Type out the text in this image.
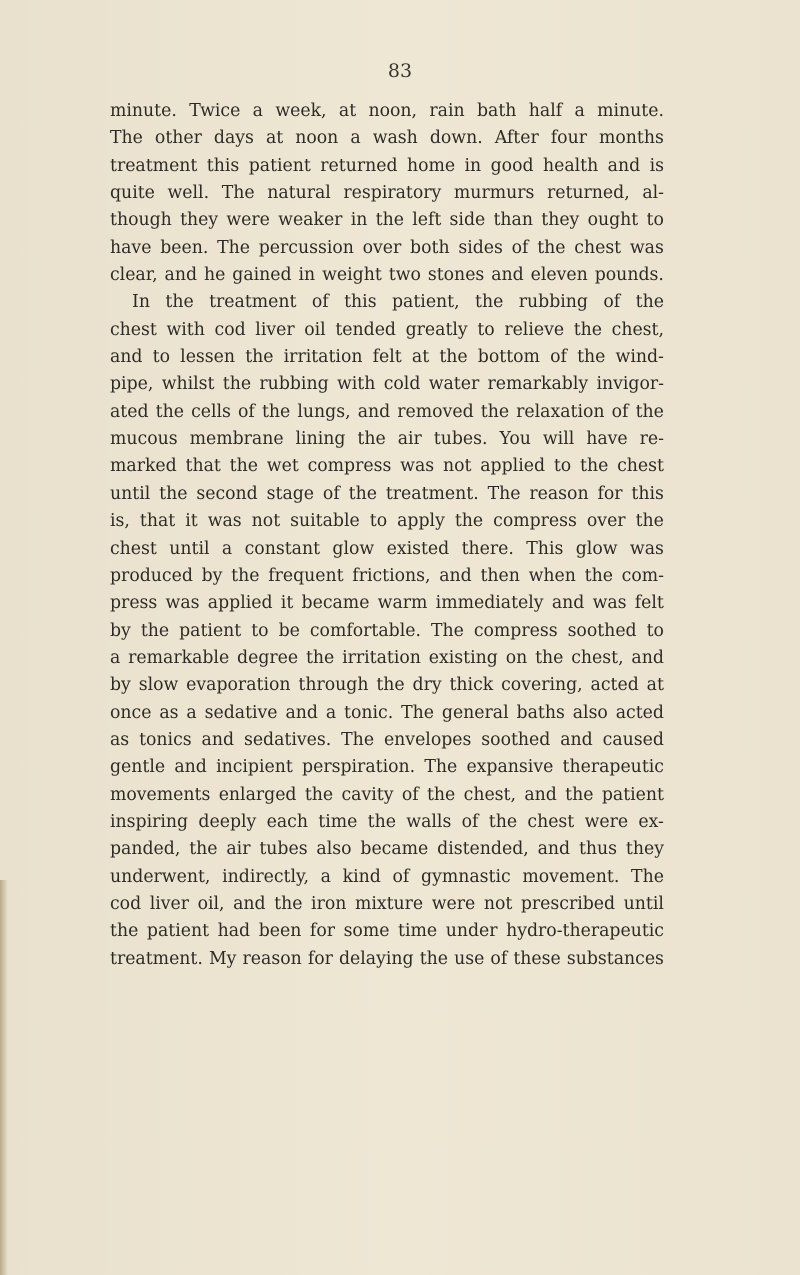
83
minute. Twice a week, at noon, rain bath half a minute.
The other days at noon a wash down. After four months
treatment this patient returned home in good health and is
quite well. The natural respiratory murmurs returned, al-
though they were weaker in the left side than they ought to
have been. The percussion over both sides of the chest was
clear, and he gained in weight two stones and eleven pounds.
In the treatment of this patient, the rubbing of the
chest with cod liver oil tended greatly to relieve the chest,
and to lessen the irritation felt at the bottom of the wind-
pipe, whilst the rubbing with cold water remarkably invigor-
ated the cells of the lungs, and removed the relaxation of the
mucous membrane lining the air tubes. You will have re-
marked that the wet compress was not applied to the chest
until the second stage of the treatment. The reason for this
is, that it was not suitable to apply the compress over the
chest until a constant glow existed there. This glow was
produced by the frequent frictions, and then when the com-
press was applied it became warm immediately and was felt
by the patient to be comfortable. The compress soothed to
a remarkable degree the irritation existing on the chest, and
by slow evaporation through the dry thick covering, acted at
once as a sedative and a tonic. The general baths also acted
as tonics and sedatives. The envelopes soothed and caused
gentle and incipient perspiration. The expansive therapeutic
movements enlarged the cavity of the chest, and the patient
inspiring deeply each time the walls of the chest were ex-
panded, the air tubes also became distended, and thus they
underwent, indirectly, a kind of gymnastic movement. The
cod liver oil, and the iron mixture were not prescribed until
the patient had been for some time under hydro-therapeutic
treatment. My reason for delaying the use of these substances
